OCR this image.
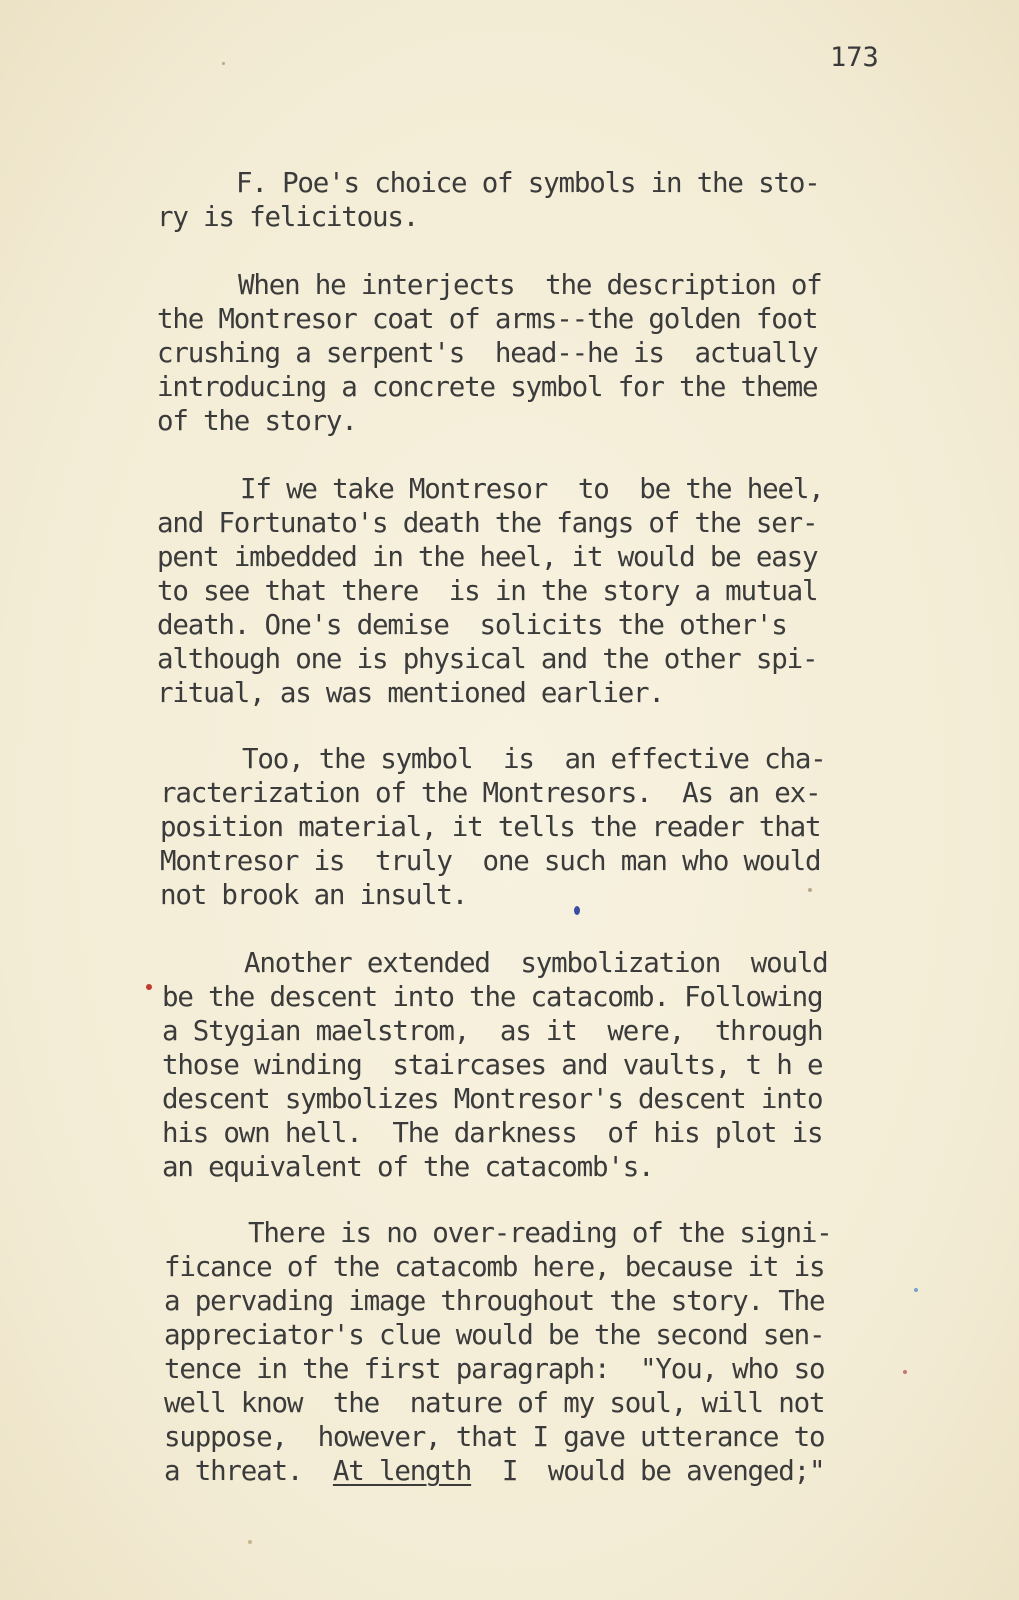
173
F. Poe's choice of symbols in the sto-
ry is felicitous.
When he interjects  the description of
the Montresor coat of arms--the golden foot
crushing a serpent's  head--he is  actually
introducing a concrete symbol for the theme
of the story.
If we take Montresor  to  be the heel,
and Fortunato's death the fangs of the ser-
pent imbedded in the heel, it would be easy
to see that there  is in the story a mutual
death. One's demise  solicits the other's
although one is physical and the other spi-
ritual, as was mentioned earlier.
Too, the symbol  is  an effective cha-
racterization of the Montresors.  As an ex-
position material, it tells the reader that
Montresor is  truly  one such man who would
not brook an insult.
Another extended  symbolization  would
be the descent into the catacomb. Following
a Stygian maelstrom,  as it  were,  through
those winding  staircases and vaults, t h e
descent symbolizes Montresor's descent into
his own hell.  The darkness  of his plot is
an equivalent of the catacomb's.
There is no over-reading of the signi-
ficance of the catacomb here, because it is
a pervading image throughout the story. The
appreciator's clue would be the second sen-
tence in the first paragraph:  "You, who so
well know  the  nature of my soul, will not
suppose,  however, that I gave utterance to
a threat.  At length  I  would be avenged;"
